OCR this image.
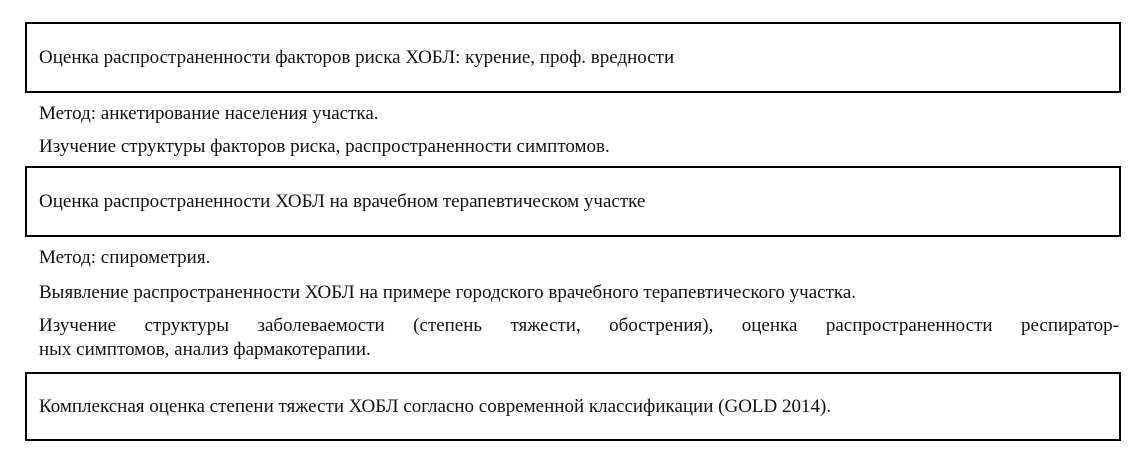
Оценка распространенности факторов риска ХОБЛ: курение, проф. вредности
Метод: анкетирование населения участка.
Изучение структуры факторов риска, распространенности симптомов.
Оценка распространенности ХОБЛ на врачебном терапевтическом участке
Метод: спирометрия.
Выявление распространенности ХОБЛ на примере городского врачебного терапевтического участка.
Изучение структуры заболеваемости (степень тяжести, обострения), оценка распространенности респиратор-
ных симптомов, анализ фармакотерапии.
Комплексная оценка степени тяжести ХОБЛ согласно современной классификации (GOLD 2014).
